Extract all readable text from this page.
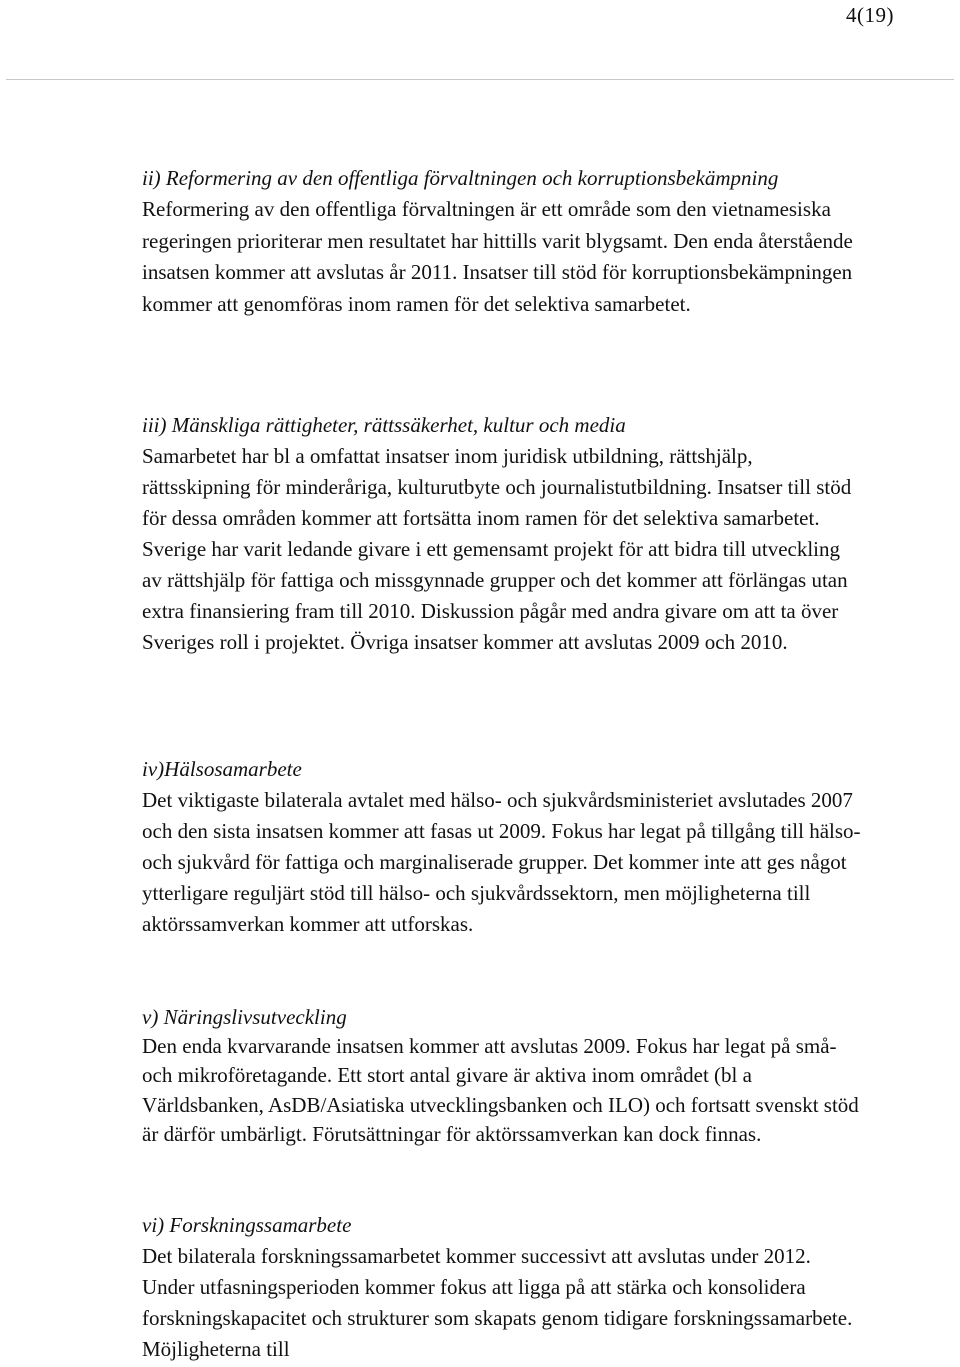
4(19)

ii) Reformering av den offentliga förvaltningen och korruptionsbekämpning

Reformering av den offentliga förvaltningen är ett område som den vietnamesiska regeringen prioriterar men resultatet har hittills varit blygsamt. Den enda återstående insatsen kommer att avslutas år 2011. Insatser till stöd för korruptionsbekämpningen kommer att genomföras inom ramen för det selektiva samarbetet.

iii) Mänskliga rättigheter, rättssäkerhet, kultur och media

Samarbetet har bl a omfattat insatser inom juridisk utbildning, rättshjälp, rättsskipning för minderåriga, kulturutbyte och journalistutbildning. Insatser till stöd för dessa områden kommer att fortsätta inom ramen för det selektiva samarbetet. Sverige har varit ledande givare i ett gemensamt projekt för att bidra till utveckling av rättshjälp för fattiga och missgynnade grupper och det kommer att förlängas utan extra finansiering fram till 2010. Diskussion pågår med andra givare om att ta över Sveriges roll i projektet. Övriga insatser kommer att avslutas 2009 och 2010.

iv)Hälsosamarbete

Det viktigaste bilaterala avtalet med hälso- och sjukvårdsministeriet avslutades 2007 och den sista insatsen kommer att fasas ut 2009. Fokus har legat på tillgång till hälso- och sjukvård för fattiga och marginaliserade grupper. Det kommer inte att ges något ytterligare reguljärt stöd till hälso- och sjukvårdssektorn, men möjligheterna till aktörssamverkan kommer att utforskas.

v) Näringslivsutveckling

Den enda kvarvarande insatsen kommer att avslutas 2009. Fokus har legat på små- och mikroföretagande. Ett stort antal givare är aktiva inom området (bl a Världsbanken, AsDB/Asiatiska utvecklingsbanken och ILO) och fortsatt svenskt stöd är därför umbärligt. Förutsättningar för aktörssamverkan kan dock finnas.

vi) Forskningssamarbete

Det bilaterala forskningssamarbetet kommer successivt att avslutas under 2012. Under utfasningsperioden kommer fokus att ligga på att stärka och konsolidera forskningskapacitet och strukturer som skapats genom tidigare forskningssamarbete. Möjligheterna till
